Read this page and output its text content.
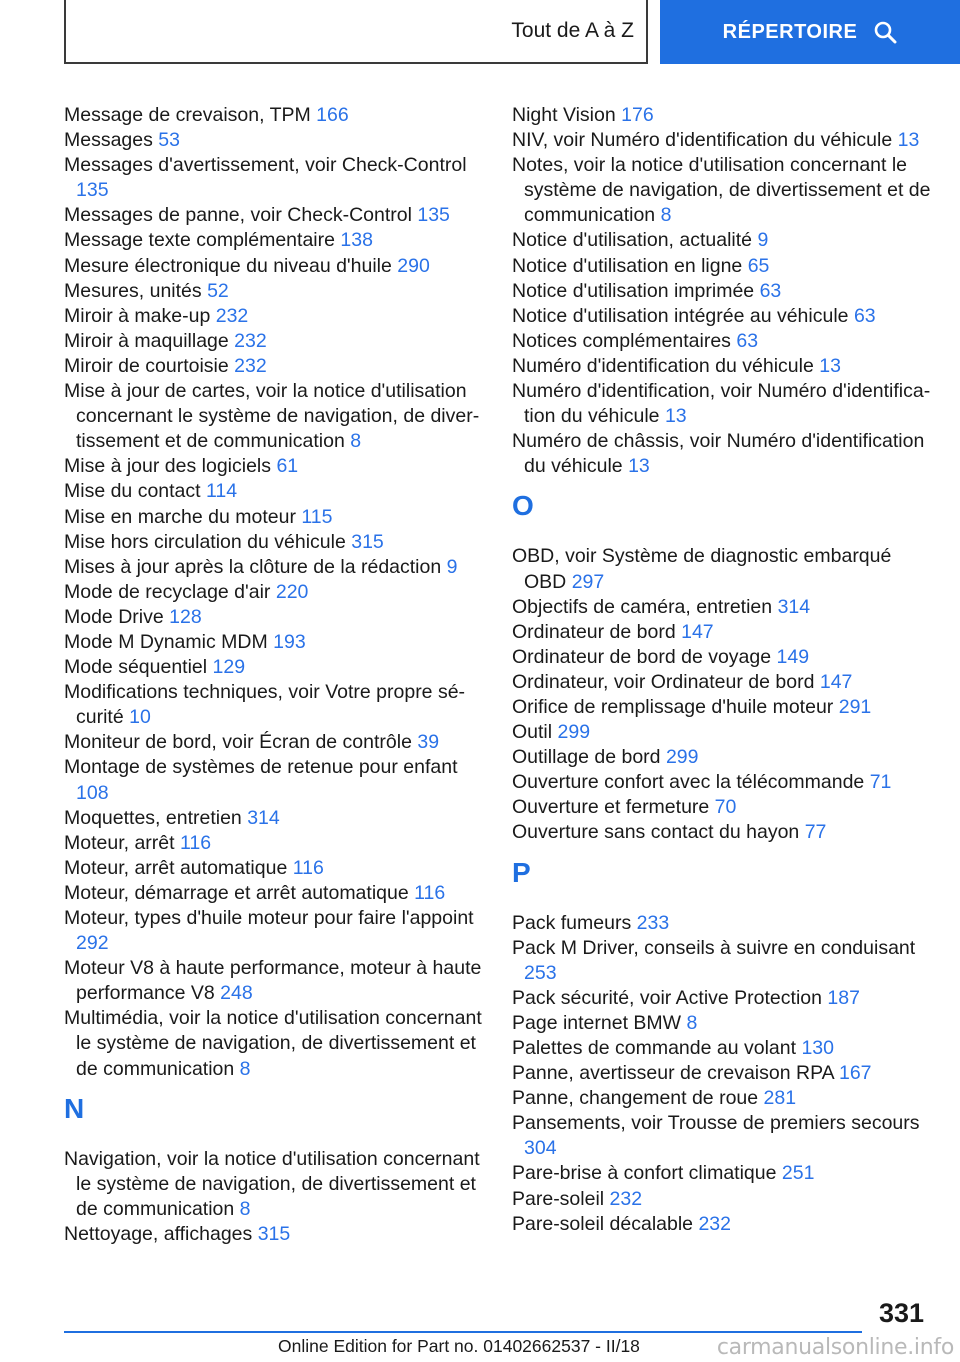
Tout de A à Z	RÉPERTOIRE

Message de crevaison, TPM 166

Messages 53

Messages d'avertissement, voir Check-Control 135

Messages de panne, voir Check-Control 135

Message texte complémentaire 138

Mesure électronique du niveau d'huile 290

Mesures, unités 52

Miroir à make-up 232

Miroir à maquillage 232

Miroir de courtoisie 232

Mise à jour de cartes, voir la notice d'utilisation concernant le système de navigation, de divertissement et de communication 8

Mise à jour des logiciels 61

Mise du contact 114

Mise en marche du moteur 115

Mise hors circulation du véhicule 315

Mises à jour après la clôture de la rédaction 9

Mode de recyclage d'air 220

Mode Drive 128

Mode M Dynamic MDM 193

Mode séquentiel 129

Modifications techniques, voir Votre propre sécurité 10

Moniteur de bord, voir Écran de contrôle 39

Montage de systèmes de retenue pour enfant 108

Moquettes, entretien 314

Moteur, arrêt 116

Moteur, arrêt automatique 116

Moteur, démarrage et arrêt automatique 116

Moteur, types d'huile moteur pour faire l'appoint 292

Moteur V8 à haute performance, moteur à haute performance V8 248

Multimédia, voir la notice d'utilisation concernant le système de navigation, de divertissement et de communication 8

N

Navigation, voir la notice d'utilisation concernant le système de navigation, de divertissement et de communication 8

Nettoyage, affichages 315

Night Vision 176

NIV, voir Numéro d'identification du véhicule 13

Notes, voir la notice d'utilisation concernant le système de navigation, de divertissement et de communication 8

Notice d'utilisation, actualité 9

Notice d'utilisation en ligne 65

Notice d'utilisation imprimée 63

Notice d'utilisation intégrée au véhicule 63

Notices complémentaires 63

Numéro d'identification du véhicule 13

Numéro d'identification, voir Numéro d'identification du véhicule 13

Numéro de châssis, voir Numéro d'identification du véhicule 13

O

OBD, voir Système de diagnostic embarqué OBD 297

Objectifs de caméra, entretien 314

Ordinateur de bord 147

Ordinateur de bord de voyage 149

Ordinateur, voir Ordinateur de bord 147

Orifice de remplissage d'huile moteur 291

Outil 299

Outillage de bord 299

Ouverture confort avec la télécommande 71

Ouverture et fermeture 70

Ouverture sans contact du hayon 77

P

Pack fumeurs 233

Pack M Driver, conseils à suivre en conduisant 253

Pack sécurité, voir Active Protection 187

Page internet BMW 8

Palettes de commande au volant 130

Panne, avertisseur de crevaison RPA 167

Panne, changement de roue 281

Pansements, voir Trousse de premiers secours 304

Pare-brise à confort climatique 251

Pare-soleil 232

Pare-soleil décalable 232

331
Online Edition for Part no. 01402662537 - II/18	carmanualsonline.info
